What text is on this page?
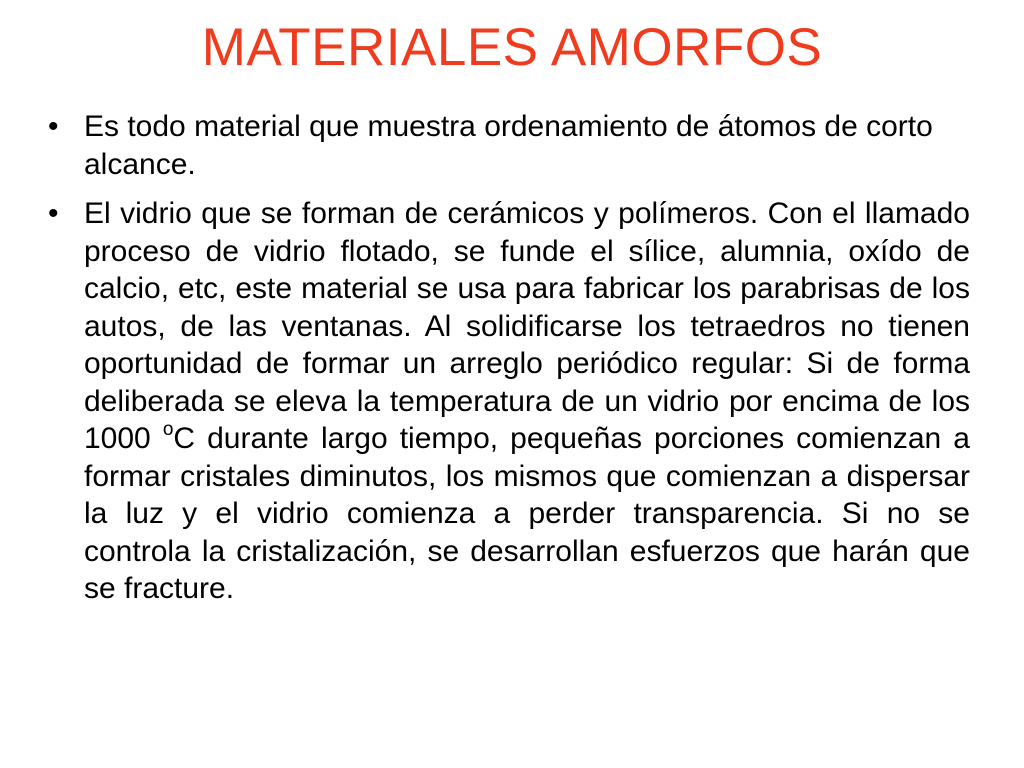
MATERIALES AMORFOS
• Es todo material que muestra ordenamiento de átomos de corto alcance.
• El vidrio que se forman de cerámicos y polímeros. Con el llamado proceso de vidrio flotado, se funde el sílice, alumnia, oxído de calcio, etc, este material se usa para fabricar los parabrisas de los autos, de las ventanas. Al solidificarse los tetraedros no tienen oportunidad de formar un arreglo periódico regular: Si de forma deliberada se eleva la temperatura de un vidrio por encima de los 1000 $^o$C durante largo tiempo, pequeñas porciones comienzan a formar cristales diminutos, los mismos que comienzan a dispersar la luz y el vidrio comienza a perder transparencia. Si no se controla la cristalización, se desarrollan esfuerzos que harán que se fracture.
